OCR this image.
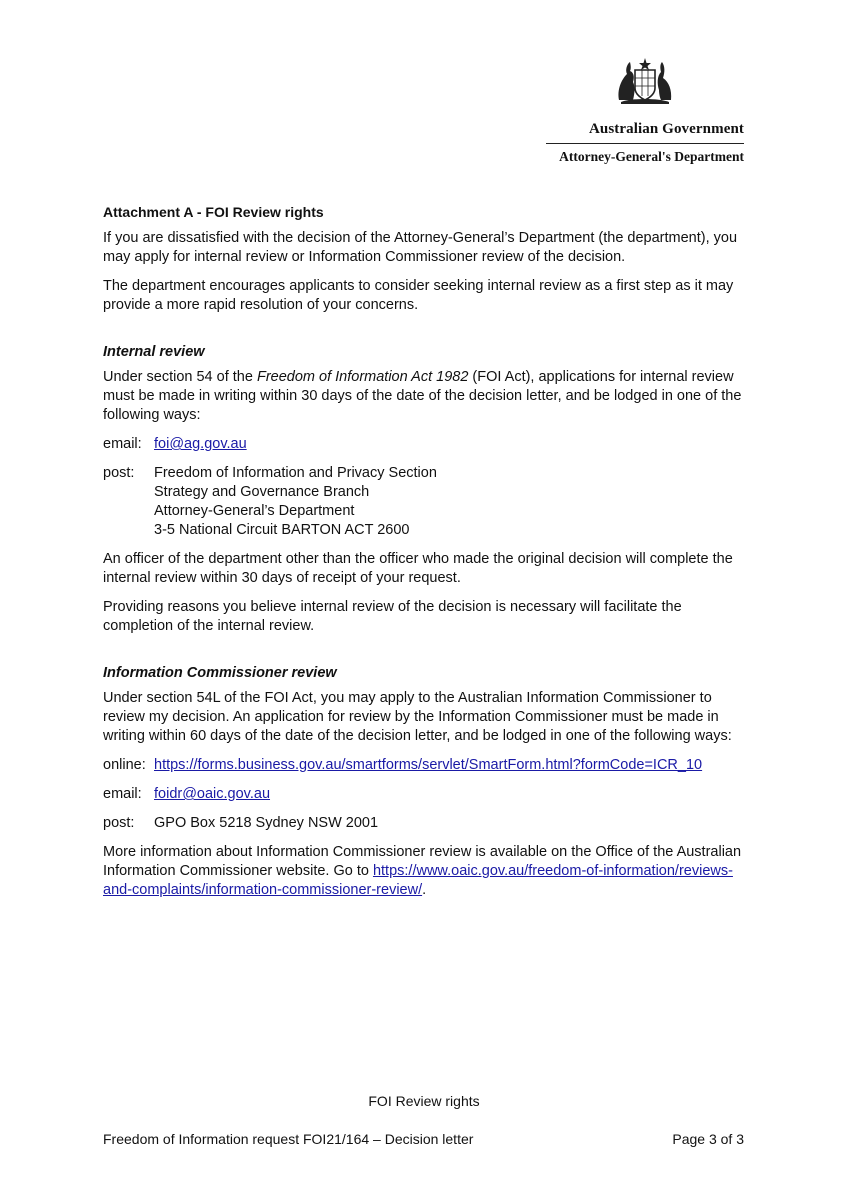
Australian Government
Attorney-General's Department
Attachment A - FOI Review rights

If you are dissatisfied with the decision of the Attorney-General’s Department (the department), you may apply for internal review or Information Commissioner review of the decision.

The department encourages applicants to consider seeking internal review as a first step as it may provide a more rapid resolution of your concerns.

Internal review

Under section 54 of the Freedom of Information Act 1982 (FOI Act), applications for internal review must be made in writing within 30 days of the date of the decision letter, and be lodged in one of the following ways:

email: foi@ag.gov.au
post:	Freedom of Information and Privacy Section
Strategy and Governance Branch
Attorney-General’s Department
3-5 National Circuit BARTON ACT 2600

An officer of the department other than the officer who made the original decision will complete the internal review within 30 days of receipt of your request.

Providing reasons you believe internal review of the decision is necessary will facilitate the completion of the internal review.

Information Commissioner review

Under section 54L of the FOI Act, you may apply to the Australian Information Commissioner to review my decision. An application for review by the Information Commissioner must be made in writing within 60 days of the date of the decision letter, and be lodged in one of the following ways:

online: https://forms.business.gov.au/smartforms/servlet/SmartForm.html?formCode=ICR_10
email: foidr@oaic.gov.au
post:	GPO Box 5218 Sydney NSW 2001

More information about Information Commissioner review is available on the Office of the Australian Information Commissioner website. Go to https://www.oaic.gov.au/freedom-of-information/reviews-and-complaints/information-commissioner-review/.

FOI Review rights
Freedom of Information request FOI21/164 – Decision letter	Page 3 of 3
